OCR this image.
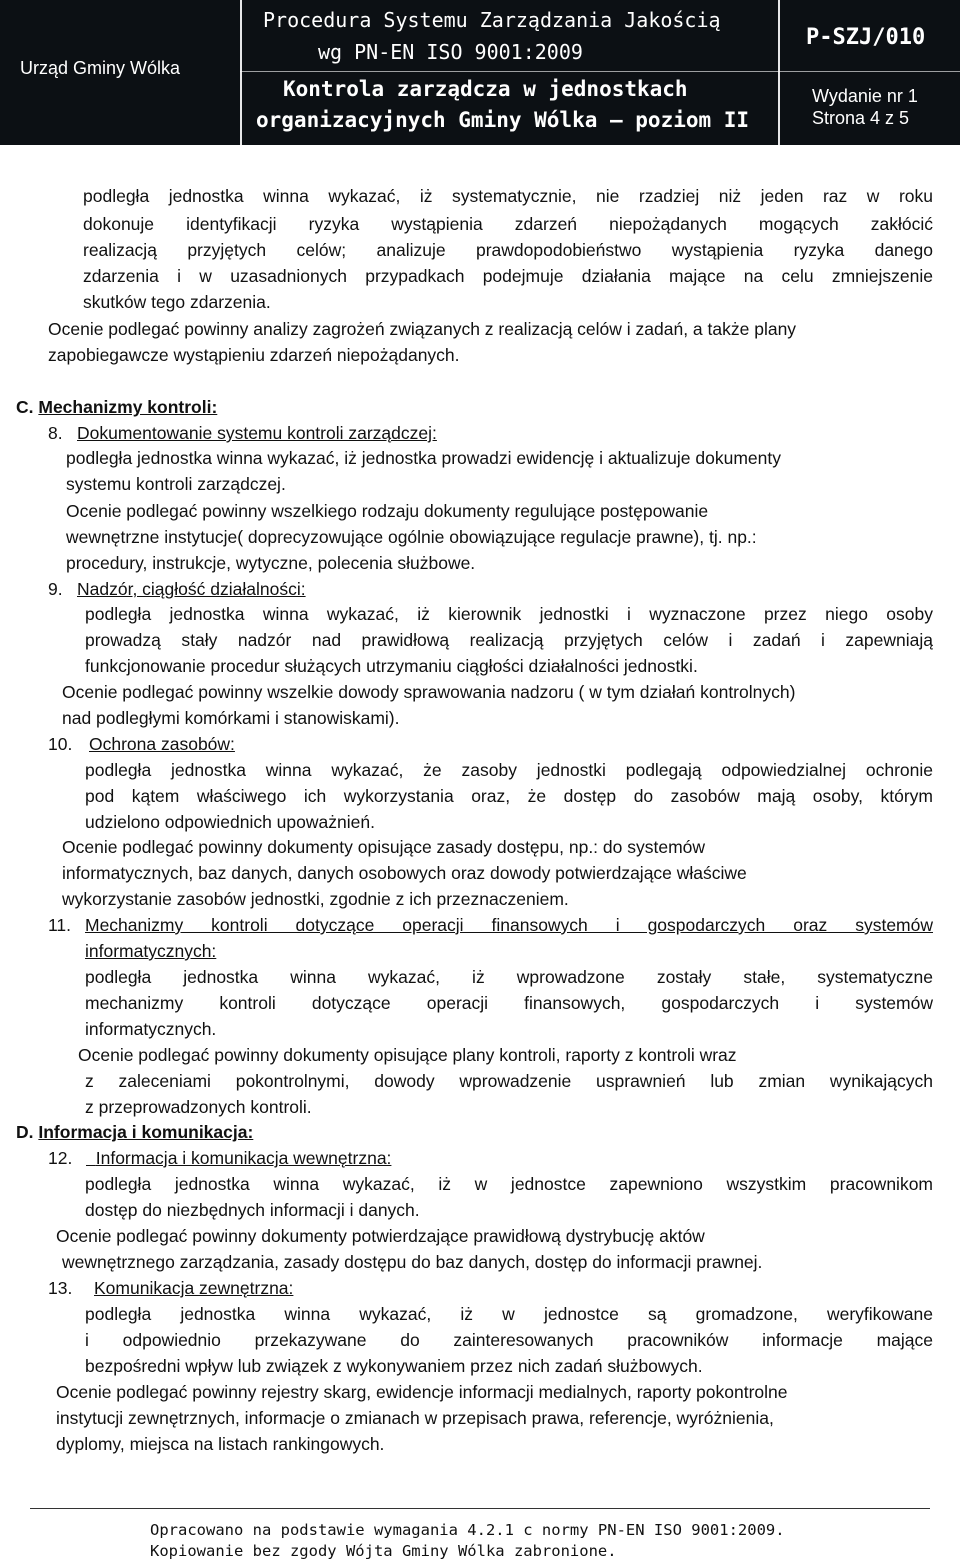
Urząd Gminy Wólka
Procedura Systemu Zarządzania Jakością
wg PN-EN ISO 9001:2009
Kontrola zarządcza w jednostkach
organizacyjnych Gminy Wólka – poziom II
P-SZJ/010
Wydanie nr 1
Strona 4 z 5
podległa jednostka winna wykazać, iż systematycznie, nie rzadziej niż jeden raz w roku
dokonuje identyfikacji ryzyka wystąpienia zdarzeń niepożądanych mogących zakłócić
realizacją przyjętych celów; analizuje prawdopodobieństwo wystąpienia ryzyka danego
zdarzenia i w uzasadnionych przypadkach podejmuje działania mające na celu zmniejszenie
skutków tego zdarzenia.
Ocenie podlegać powinny analizy zagrożeń związanych z realizacją celów i zadań, a także plany
zapobiegawcze wystąpieniu zdarzeń niepożądanych.
C. Mechanizmy kontroli:
8. Dokumentowanie systemu kontroli zarządczej:
podległa jednostka winna wykazać, iż jednostka prowadzi ewidencję i aktualizuje dokumenty
systemu kontroli zarządczej.
Ocenie podlegać powinny wszelkiego rodzaju dokumenty regulujące postępowanie
wewnętrzne instytucje( doprecyzowujące ogólnie obowiązujące regulacje prawne), tj. np.:
procedury, instrukcje, wytyczne, polecenia służbowe.
9. Nadzór, ciągłość działalności:
podległa jednostka winna wykazać, iż kierownik jednostki i wyznaczone przez niego osoby
prowadzą stały nadzór nad prawidłową realizacją przyjętych celów i zadań i zapewniają
funkcjonowanie procedur służących utrzymaniu ciągłości działalności jednostki.
Ocenie podlegać powinny wszelkie dowody sprawowania nadzoru ( w tym działań kontrolnych)
nad podległymi komórkami i stanowiskami).
10. Ochrona zasobów:
podległa jednostka winna wykazać, że zasoby jednostki podlegają odpowiedzialnej ochronie
pod kątem właściwego ich wykorzystania oraz, że dostęp do zasobów mają osoby, którym
udzielono odpowiednich upoważnień.
Ocenie podlegać powinny dokumenty opisujące zasady dostępu, np.: do systemów
informatycznych, baz danych, danych osobowych oraz dowody potwierdzające właściwe
wykorzystanie zasobów jednostki, zgodnie z ich przeznaczeniem.
11. Mechanizmy kontroli dotyczące operacji finansowych i gospodarczych oraz systemów
informatycznych:
podległa jednostka winna wykazać, iż wprowadzone zostały stałe, systematyczne
mechanizmy kontroli dotyczące operacji finansowych, gospodarczych i systemów
informatycznych.
Ocenie podlegać powinny dokumenty opisujące plany kontroli, raporty z kontroli wraz
z zaleceniami pokontrolnymi, dowody wprowadzenie usprawnień lub zmian wynikających
z przeprowadzonych kontroli.
D. Informacja i komunikacja:
12.	Informacja i komunikacja wewnętrzna:
podległa jednostka winna wykazać, iż w jednostce zapewniono wszystkim pracownikom
dostęp do niezbędnych informacji i danych.
Ocenie podlegać powinny dokumenty potwierdzające prawidłową dystrybucję aktów
wewnętrznego zarządzania, zasady dostępu do baz danych, dostęp do informacji prawnej.
13. Komunikacja zewnętrzna:
podległa jednostka winna wykazać, iż w jednostce są gromadzone, weryfikowane
i odpowiednio przekazywane do zainteresowanych pracowników informacje mające
bezpośredni wpływ lub związek z wykonywaniem przez nich zadań służbowych.
Ocenie podlegać powinny rejestry skarg, ewidencje informacji medialnych, raporty pokontrolne
instytucji zewnętrznych, informacje o zmianach w przepisach prawa, referencje, wyróżnienia,
dyplomy, miejsca na listach rankingowych.
Opracowano na podstawie wymagania 4.2.1 c normy PN-EN ISO 9001:2009.
Kopiowanie bez zgody Wójta Gminy Wólka zabronione.
